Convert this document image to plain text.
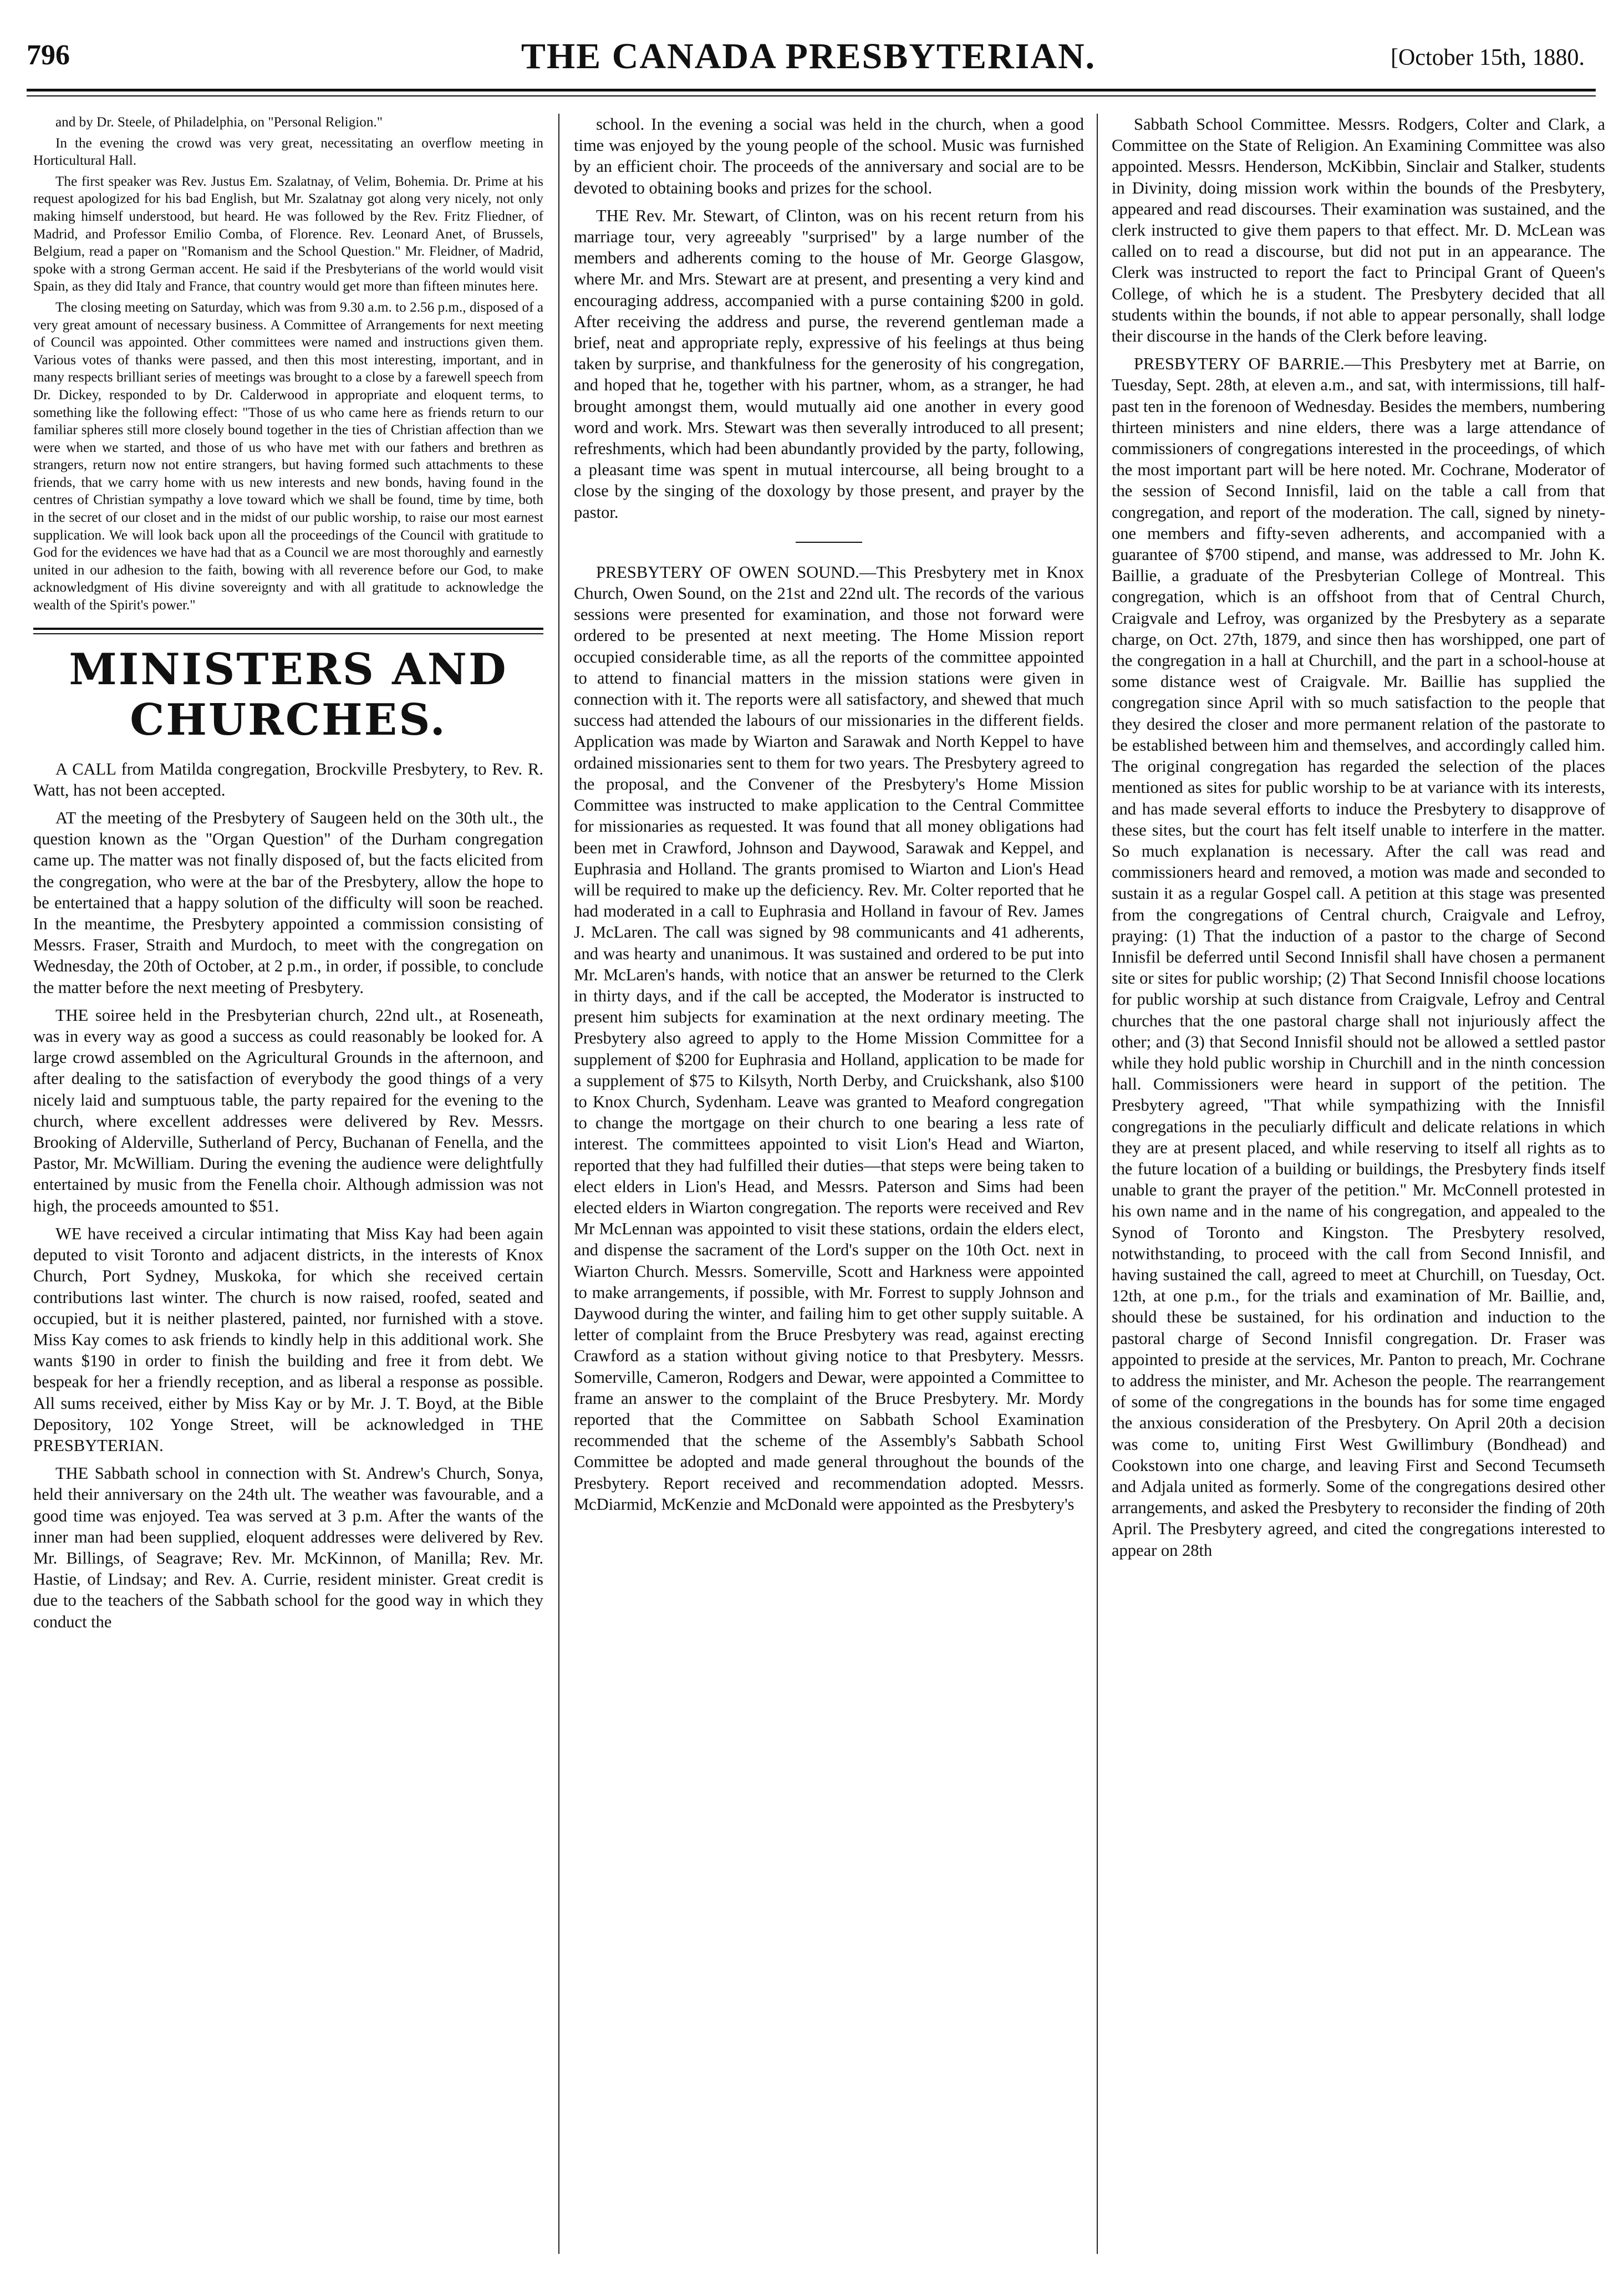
796	THE CANADA PRESBYTERIAN.	[October 15th, 1880.

and by Dr. Steele, of Philadelphia, on "Personal Religion."

In the evening the crowd was very great, necessitating an overflow meeting in Horticultural Hall.

The first speaker was Rev. Justus Em. Szalatnay, of Velim, Bohemia. Dr. Prime at his request apologized for his bad English, but Mr. Szalatnay got along very nicely, not only making himself understood, but heard. He was followed by the Rev. Fritz Fliedner, of Madrid, and Professor Emilio Comba, of Florence. Rev. Leonard Anet, of Brussels, Belgium, read a paper on "Romanism and the School Question." Mr. Fleidner, of Madrid, spoke with a strong German accent. He said if the Presbyterians of the world would visit Spain, as they did Italy and France, that country would get more than fifteen minutes here.

The closing meeting on Saturday, which was from 9.30 a.m. to 2.56 p.m., disposed of a very great amount of necessary business. A Committee of Arrangements for next meeting of Council was appointed. Other committees were named and instructions given them. Various votes of thanks were passed, and then this most interesting, important, and in many respects brilliant series of meetings was brought to a close by a farewell speech from Dr. Dickey, responded to by Dr. Calderwood in appropriate and eloquent terms, to something like the following effect: "Those of us who came here as friends return to our familiar spheres still more closely bound together in the ties of Christian affection than we were when we started, and those of us who have met with our fathers and brethren as strangers, return now not entire strangers, but having formed such attachments to these friends, that we carry home with us new interests and new bonds, having found in the centres of Christian sympathy a love toward which we shall be found, time by time, both in the secret of our closet and in the midst of our public worship, to raise our most earnest supplication. We will look back upon all the proceedings of the Council with gratitude to God for the evidences we have had that as a Council we are most thoroughly and earnestly united in our adhesion to the faith, bowing with all reverence before our God, to make acknowledgment of His divine sovereignty and with all gratitude to acknowledge the wealth of the Spirit's power."

MINISTERS AND CHURCHES.

A CALL from Matilda congregation, Brockville Presbytery, to Rev. R. Watt, has not been accepted.

AT the meeting of the Presbytery of Saugeen held on the 30th ult., the question known as the "Organ Question" of the Durham congregation came up. The matter was not finally disposed of, but the facts elicited from the congregation, who were at the bar of the Presbytery, allow the hope to be entertained that a happy solution of the difficulty will soon be reached. In the meantime, the Presbytery appointed a commission consisting of Messrs. Fraser, Straith and Murdoch, to meet with the congregation on Wednesday, the 20th of October, at 2 p.m., in order, if possible, to conclude the matter before the next meeting of Presbytery.

THE soiree held in the Presbyterian church, 22nd ult., at Roseneath, was in every way as good a success as could reasonably be looked for. A large crowd assembled on the Agricultural Grounds in the afternoon, and after dealing to the satisfaction of everybody the good things of a very nicely laid and sumptuous table, the party repaired for the evening to the church, where excellent addresses were delivered by Rev. Messrs. Brooking of Alderville, Sutherland of Percy, Buchanan of Fenella, and the Pastor, Mr. McWilliam. During the evening the audience were delightfully entertained by music from the Fenella choir. Although admission was not high, the proceeds amounted to $51.

WE have received a circular intimating that Miss Kay had been again deputed to visit Toronto and adjacent districts, in the interests of Knox Church, Port Sydney, Muskoka, for which she received certain contributions last winter. The church is now raised, roofed, seated and occupied, but it is neither plastered, painted, nor furnished with a stove. Miss Kay comes to ask friends to kindly help in this additional work. She wants $190 in order to finish the building and free it from debt. We bespeak for her a friendly reception, and as liberal a response as possible. All sums received, either by Miss Kay or by Mr. J. T. Boyd, at the Bible Depository, 102 Yonge Street, will be acknowledged in THE PRESBYTERIAN.

THE Sabbath school in connection with St. Andrew's Church, Sonya, held their anniversary on the 24th ult. The weather was favourable, and a good time was enjoyed. Tea was served at 3 p.m. After the wants of the inner man had been supplied, eloquent addresses were delivered by Rev. Mr. Billings, of Seagrave; Rev. Mr. McKinnon, of Manilla; Rev. Mr. Hastie, of Lindsay; and Rev. A. Currie, resident minister. Great credit is due to the teachers of the Sabbath school for the good way in which they conduct the

school. In the evening a social was held in the church, when a good time was enjoyed by the young people of the school. Music was furnished by an efficient choir. The proceeds of the anniversary and social are to be devoted to obtaining books and prizes for the school.

THE Rev. Mr. Stewart, of Clinton, was on his recent return from his marriage tour, very agreeably "surprised" by a large number of the members and adherents coming to the house of Mr. George Glasgow, where Mr. and Mrs. Stewart are at present, and presenting a very kind and encouraging address, accompanied with a purse containing $200 in gold. After receiving the address and purse, the reverend gentleman made a brief, neat and appropriate reply, expressive of his feelings at thus being taken by surprise, and thankfulness for the generosity of his congregation, and hoped that he, together with his partner, whom, as a stranger, he had brought amongst them, would mutually aid one another in every good word and work. Mrs. Stewart was then severally introduced to all present; refreshments, which had been abundantly provided by the party, following, a pleasant time was spent in mutual intercourse, all being brought to a close by the singing of the doxology by those present, and prayer by the pastor.

PRESBYTERY OF OWEN SOUND.—This Presbytery met in Knox Church, Owen Sound, on the 21st and 22nd ult. The records of the various sessions were presented for examination, and those not forward were ordered to be presented at next meeting. The Home Mission report occupied considerable time, as all the reports of the committee appointed to attend to financial matters in the mission stations were given in connection with it. The reports were all satisfactory, and shewed that much success had attended the labours of our missionaries in the different fields. Application was made by Wiarton and Sarawak and North Keppel to have ordained missionaries sent to them for two years. The Presbytery agreed to the proposal, and the Convener of the Presbytery's Home Mission Committee was instructed to make application to the Central Committee for missionaries as requested. It was found that all money obligations had been met in Crawford, Johnson and Daywood, Sarawak and Keppel, and Euphrasia and Holland. The grants promised to Wiarton and Lion's Head will be required to make up the deficiency. Rev. Mr. Colter reported that he had moderated in a call to Euphrasia and Holland in favour of Rev. James J. McLaren. The call was signed by 98 communicants and 41 adherents, and was hearty and unanimous. It was sustained and ordered to be put into Mr. McLaren's hands, with notice that an answer be returned to the Clerk in thirty days, and if the call be accepted, the Moderator is instructed to present him subjects for examination at the next ordinary meeting. The Presbytery also agreed to apply to the Home Mission Committee for a supplement of $200 for Euphrasia and Holland, application to be made for a supplement of $75 to Kilsyth, North Derby, and Cruickshank, also $100 to Knox Church, Sydenham. Leave was granted to Meaford congregation to change the mortgage on their church to one bearing a less rate of interest. The committees appointed to visit Lion's Head and Wiarton, reported that they had fulfilled their duties—that steps were being taken to elect elders in Lion's Head, and Messrs. Paterson and Sims had been elected elders in Wiarton congregation. The reports were received and Rev Mr McLennan was appointed to visit these stations, ordain the elders elect, and dispense the sacrament of the Lord's supper on the 10th Oct. next in Wiarton Church. Messrs. Somerville, Scott and Harkness were appointed to make arrangements, if possible, with Mr. Forrest to supply Johnson and Daywood during the winter, and failing him to get other supply suitable. A letter of complaint from the Bruce Presbytery was read, against erecting Crawford as a station without giving notice to that Presbytery. Messrs. Somerville, Cameron, Rodgers and Dewar, were appointed a Committee to frame an answer to the complaint of the Bruce Presbytery. Mr. Mordy reported that the Committee on Sabbath School Examination recommended that the scheme of the Assembly's Sabbath School Committee be adopted and made general throughout the bounds of the Presbytery. Report received and recommendation adopted. Messrs. McDiarmid, McKenzie and McDonald were appointed as the Presbytery's

Sabbath School Committee. Messrs. Rodgers, Colter and Clark, a Committee on the State of Religion. An Examining Committee was also appointed. Messrs. Henderson, McKibbin, Sinclair and Stalker, students in Divinity, doing mission work within the bounds of the Presbytery, appeared and read discourses. Their examination was sustained, and the clerk instructed to give them papers to that effect. Mr. D. McLean was called on to read a discourse, but did not put in an appearance. The Clerk was instructed to report the fact to Principal Grant of Queen's College, of which he is a student. The Presbytery decided that all students within the bounds, if not able to appear personally, shall lodge their discourse in the hands of the Clerk before leaving.

PRESBYTERY OF BARRIE.—This Presbytery met at Barrie, on Tuesday, Sept. 28th, at eleven a.m., and sat, with intermissions, till half-past ten in the forenoon of Wednesday. Besides the members, numbering thirteen ministers and nine elders, there was a large attendance of commissioners of congregations interested in the proceedings, of which the most important part will be here noted. Mr. Cochrane, Moderator of the session of Second Innisfil, laid on the table a call from that congregation, and report of the moderation. The call, signed by ninety-one members and fifty-seven adherents, and accompanied with a guarantee of $700 stipend, and manse, was addressed to Mr. John K. Baillie, a graduate of the Presbyterian College of Montreal. This congregation, which is an offshoot from that of Central Church, Craigvale and Lefroy, was organized by the Presbytery as a separate charge, on Oct. 27th, 1879, and since then has worshipped, one part of the congregation in a hall at Churchill, and the part in a school-house at some distance west of Craigvale. Mr. Baillie has supplied the congregation since April with so much satisfaction to the people that they desired the closer and more permanent relation of the pastorate to be established between him and themselves, and accordingly called him. The original congregation has regarded the selection of the places mentioned as sites for public worship to be at variance with its interests, and has made several efforts to induce the Presbytery to disapprove of these sites, but the court has felt itself unable to interfere in the matter. So much explanation is necessary. After the call was read and commissioners heard and removed, a motion was made and seconded to sustain it as a regular Gospel call. A petition at this stage was presented from the congregations of Central church, Craigvale and Lefroy, praying: (1) That the induction of a pastor to the charge of Second Innisfil be deferred until Second Innisfil shall have chosen a permanent site or sites for public worship; (2) That Second Innisfil choose locations for public worship at such distance from Craigvale, Lefroy and Central churches that the one pastoral charge shall not injuriously affect the other; and (3) that Second Innisfil should not be allowed a settled pastor while they hold public worship in Churchill and in the ninth concession hall. Commissioners were heard in support of the petition. The Presbytery agreed, "That while sympathizing with the Innisfil congregations in the peculiarly difficult and delicate relations in which they are at present placed, and while reserving to itself all rights as to the future location of a building or buildings, the Presbytery finds itself unable to grant the prayer of the petition." Mr. McConnell protested in his own name and in the name of his congregation, and appealed to the Synod of Toronto and Kingston. The Presbytery resolved, notwithstanding, to proceed with the call from Second Innisfil, and having sustained the call, agreed to meet at Churchill, on Tuesday, Oct. 12th, at one p.m., for the trials and examination of Mr. Baillie, and, should these be sustained, for his ordination and induction to the pastoral charge of Second Innisfil congregation. Dr. Fraser was appointed to preside at the services, Mr. Panton to preach, Mr. Cochrane to address the minister, and Mr. Acheson the people. The rearrangement of some of the congregations in the bounds has for some time engaged the anxious consideration of the Presbytery. On April 20th a decision was come to, uniting First West Gwillimbury (Bondhead) and Cookstown into one charge, and leaving First and Second Tecumseth and Adjala united as formerly. Some of the congregations desired other arrangements, and asked the Presbytery to reconsider the finding of 20th April. The Presbytery agreed, and cited the congregations interested to appear on 28th
